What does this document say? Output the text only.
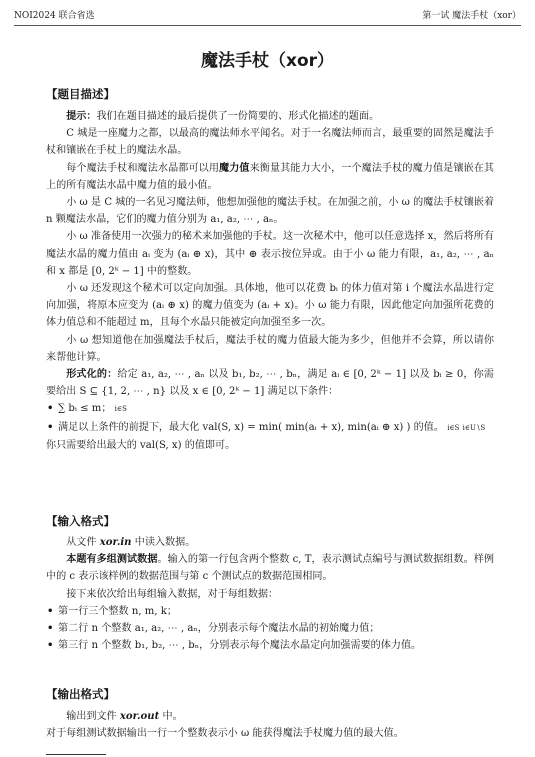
NOI2024 联合省选	第一试 魔法手杖（xor）
魔法手杖（xor）
【题目描述】

提示：我们在题目描述的最后提供了一份简要的、形式化描述的题面。

C 城是一座魔力之都，以最高的魔法师水平闻名。对于一名魔法师而言，最重要的固然是魔法手杖和镶嵌在手杖上的魔法水晶。

每个魔法手杖和魔法水晶都可以用魔力值来衡量其能力大小，一个魔法手杖的魔力值是镶嵌在其上的所有魔法水晶中魔力值的最小值。

小 ω 是 C 城的一名见习魔法师，他想加强他的魔法手杖。在加强之前，小 ω 的魔法手杖镶嵌着 n 颗魔法水晶，它们的魔力值分别为 a₁, a₂, ⋯ , aₙ。

小 ω 准备使用一次强力的秘术来加强他的手杖。这一次秘术中，他可以任意选择 x，然后将所有魔法水晶的魔力值由 aᵢ 变为 (aᵢ ⊕ x)，其中 ⊕ 表示按位异或。由于小 ω 能力有限，a₁, a₂, ⋯ , aₙ 和 x 都是 [0, 2ᵏ − 1] 中的整数。

小 ω 还发现这个秘术可以定向加强。具体地，他可以花费 bᵢ 的体力值对第 i 个魔法水晶进行定向加强，将原本应变为 (aᵢ ⊕ x) 的魔力值变为 (aᵢ + x)。小 ω 能力有限，因此他定向加强所花费的体力值总和不能超过 m，且每个水晶只能被定向加强至多一次。

小 ω 想知道他在加强魔法手杖后，魔法手杖的魔力值最大能为多少，但他并不会算，所以请你来帮他计算。

形式化的：给定 a₁, a₂, ⋯ , aₙ 以及 b₁, b₂, ⋯ , bₙ，满足 aᵢ ∈ [0, 2ᵏ − 1] 以及 bᵢ ≥ 0，你需要给出 S ⊆ {1, 2, ⋯ , n} 以及 x ∈ [0, 2ᵏ − 1] 满足以下条件：

• ∑ bᵢ ≤ m； i∈S
• 满足以上条件的前提下，最大化 val(S, x) = min( min(aᵢ + x), min(aᵢ ⊕ x) ) 的值。 i∈S i∈U∖S

你只需要给出最大的 val(S, x) 的值即可。

【输入格式】

从文件 xor.in 中读入数据。

本题有多组测试数据。输入的第一行包含两个整数 c, T，表示测试点编号与测试数据组数。样例中的 c 表示该样例的数据范围与第 c 个测试点的数据范围相同。

接下来依次给出每组输入数据，对于每组数据：

• 第一行三个整数 n, m, k；
• 第二行 n 个整数 a₁, a₂, ⋯ , aₙ，分别表示每个魔法水晶的初始魔力值；
• 第三行 n 个整数 b₁, b₂, ⋯ , bₙ，分别表示每个魔法水晶定向加强需要的体力值。
【输出格式】

输出到文件 xor.out 中。

对于每组测试数据输出一行一个整数表示小 ω 能获得魔法手杖魔力值的最大值。
